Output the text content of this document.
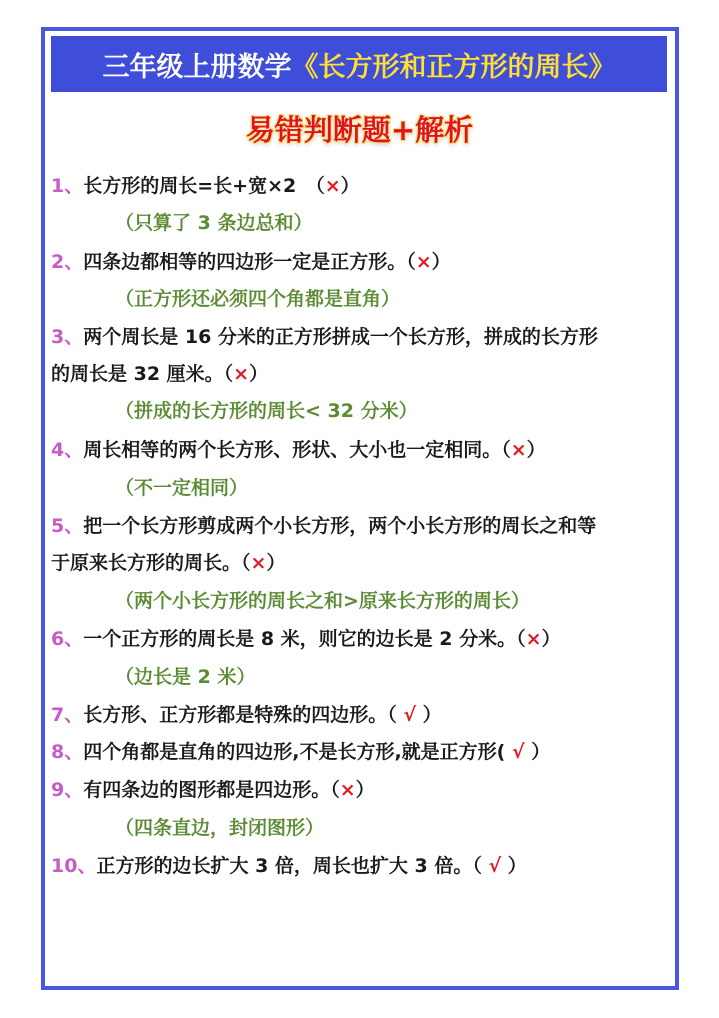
三年级上册数学 《长方形和正方形的周长》
易错判断题+解析
1、长方形的周长=长+宽×2　（×）
（只算了 3 条边总和）
2、四条边都相等的四边形一定是正方形。（×）
（正方形还必须四个角都是直角）
3、两个周长是 16 分米的正方形拼成一个长方形，拼成的长方形
的周长是 32 厘米。（×）
（拼成的长方形的周长< 32 分米）
4、周长相等的两个长方形、形状、大小也一定相同。（×）
（不一定相同）
5、把一个长方形剪成两个小长方形，两个小长方形的周长之和等
于原来长方形的周长。（×）
（两个小长方形的周长之和>原来长方形的周长）
6、一个正方形的周长是 8 米，则它的边长是 2 分米。（×）
（边长是 2 米）
7、长方形、正方形都是特殊的四边形。（ √ ）
8、四个角都是直角的四边形,不是长方形,就是正方形( √ ）
9、有四条边的图形都是四边形。（×）
（四条直边，封闭图形）
10、正方形的边长扩大 3 倍，周长也扩大 3 倍。（ √ ）
